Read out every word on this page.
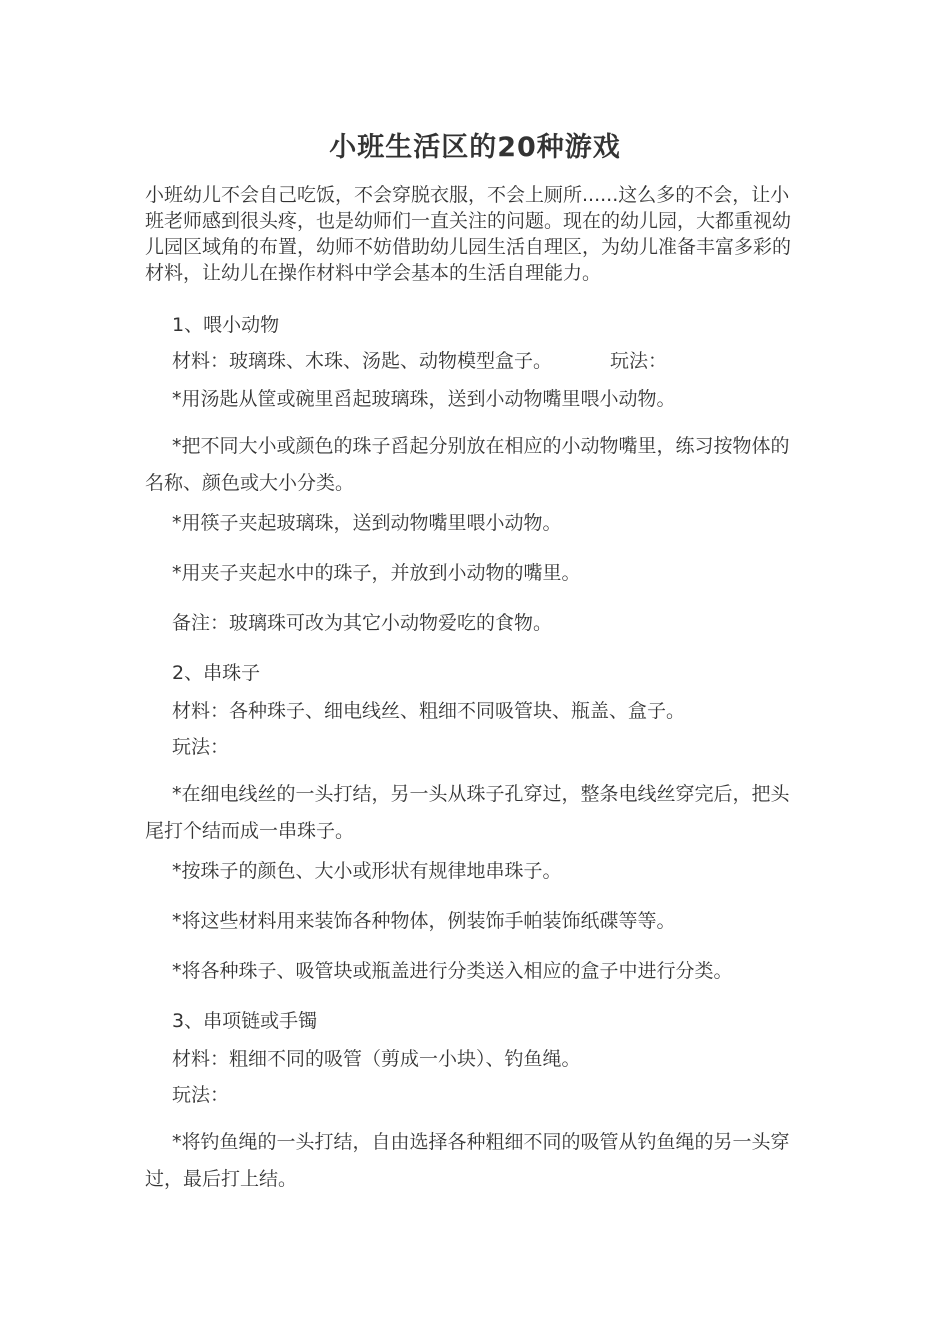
小班生活区的20种游戏

小班幼儿不会自己吃饭，不会穿脱衣服，不会上厕所......这么多的不会，让小班老师感到很头疼，也是幼师们一直关注的问题。现在的幼儿园，大都重视幼儿园区域角的布置，幼师不妨借助幼儿园生活自理区，为幼儿准备丰富多彩的材料，让幼儿在操作材料中学会基本的生活自理能力。

1、喂小动物
材料：玻璃珠、木珠、汤匙、动物模型盒子。	玩法：
*用汤匙从筐或碗里舀起玻璃珠，送到小动物嘴里喂小动物。
*把不同大小或颜色的珠子舀起分别放在相应的小动物嘴里，练习按物体的名称、颜色或大小分类。
*用筷子夹起玻璃珠，送到动物嘴里喂小动物。
*用夹子夹起水中的珠子，并放到小动物的嘴里。
备注：玻璃珠可改为其它小动物爱吃的食物。
2、串珠子
材料：各种珠子、细电线丝、粗细不同吸管块、瓶盖、盒子。
玩法：
*在细电线丝的一头打结，另一头从珠子孔穿过，整条电线丝穿完后，把头尾打个结而成一串珠子。
*按珠子的颜色、大小或形状有规律地串珠子。
*将这些材料用来装饰各种物体，例装饰手帕装饰纸碟等等。
*将各种珠子、吸管块或瓶盖进行分类送入相应的盒子中进行分类。
3、串项链或手镯
材料：粗细不同的吸管（剪成一小块）、钓鱼绳。
玩法：
*将钓鱼绳的一头打结，自由选择各种粗细不同的吸管从钓鱼绳的另一头穿过，最后打上结。
